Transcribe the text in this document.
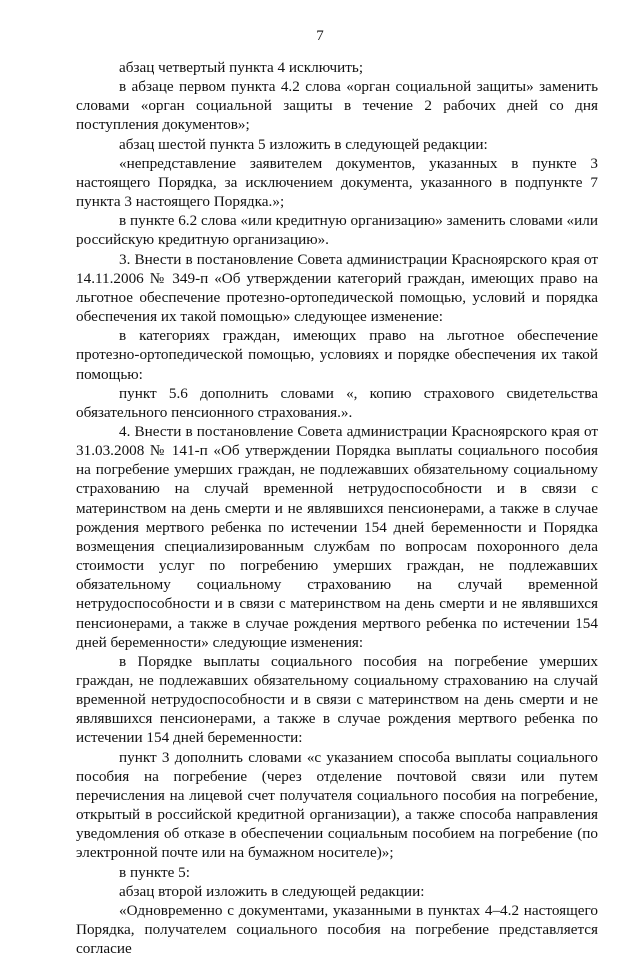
7

абзац четвертый пункта 4 исключить;

в абзаце первом пункта 4.2 слова «орган социальной защиты» заменить словами «орган социальной защиты в течение 2 рабочих дней со дня поступления документов»;

абзац шестой пункта 5 изложить в следующей редакции:

«непредставление заявителем документов, указанных в пункте 3 настоящего Порядка, за исключением документа, указанного в подпункте 7 пункта 3 настоящего Порядка.»;

в пункте 6.2 слова «или кредитную организацию» заменить словами «или российскую кредитную организацию».

3. Внести в постановление Совета администрации Красноярского края от 14.11.2006 № 349-п «Об утверждении категорий граждан, имеющих право на льготное обеспечение протезно-ортопедической помощью, условий и порядка обеспечения их такой помощью» следующее изменение:

в категориях граждан, имеющих право на льготное обеспечение протезно-ортопедической помощью, условиях и порядке обеспечения их такой помощью:

пункт 5.6 дополнить словами «, копию страхового свидетельства обязательного пенсионного страхования.».

4. Внести в постановление Совета администрации Красноярского края от 31.03.2008 № 141-п «Об утверждении Порядка выплаты социального пособия на погребение умерших граждан, не подлежавших обязательному социальному страхованию на случай временной нетрудоспособности и в связи с материнством на день смерти и не являвшихся пенсионерами, а также в случае рождения мертвого ребенка по истечении 154 дней беременности и Порядка возмещения специализированным службам по вопросам похоронного дела стоимости услуг по погребению умерших граждан, не подлежавших обязательному социальному страхованию на случай временной нетрудоспособности и в связи с материнством на день смерти и не являвшихся пенсионерами, а также в случае рождения мертвого ребенка по истечении 154 дней беременности» следующие изменения:

в Порядке выплаты социального пособия на погребение умерших граждан, не подлежавших обязательному социальному страхованию на случай временной нетрудоспособности и в связи с материнством на день смерти и не являвшихся пенсионерами, а также в случае рождения мертвого ребенка по истечении 154 дней беременности:

пункт 3 дополнить словами «с указанием способа выплаты социального пособия на погребение (через отделение почтовой связи или путем перечисления на лицевой счет получателя социального пособия на погребение, открытый в российской кредитной организации), а также способа направления уведомления об отказе в обеспечении социальным пособием на погребение (по электронной почте или на бумажном носителе)»;

в пункте 5:

абзац второй изложить в следующей редакции:

«Одновременно с документами, указанными в пунктах 4–4.2 настоящего Порядка, получателем социального пособия на погребение представляется согласие
